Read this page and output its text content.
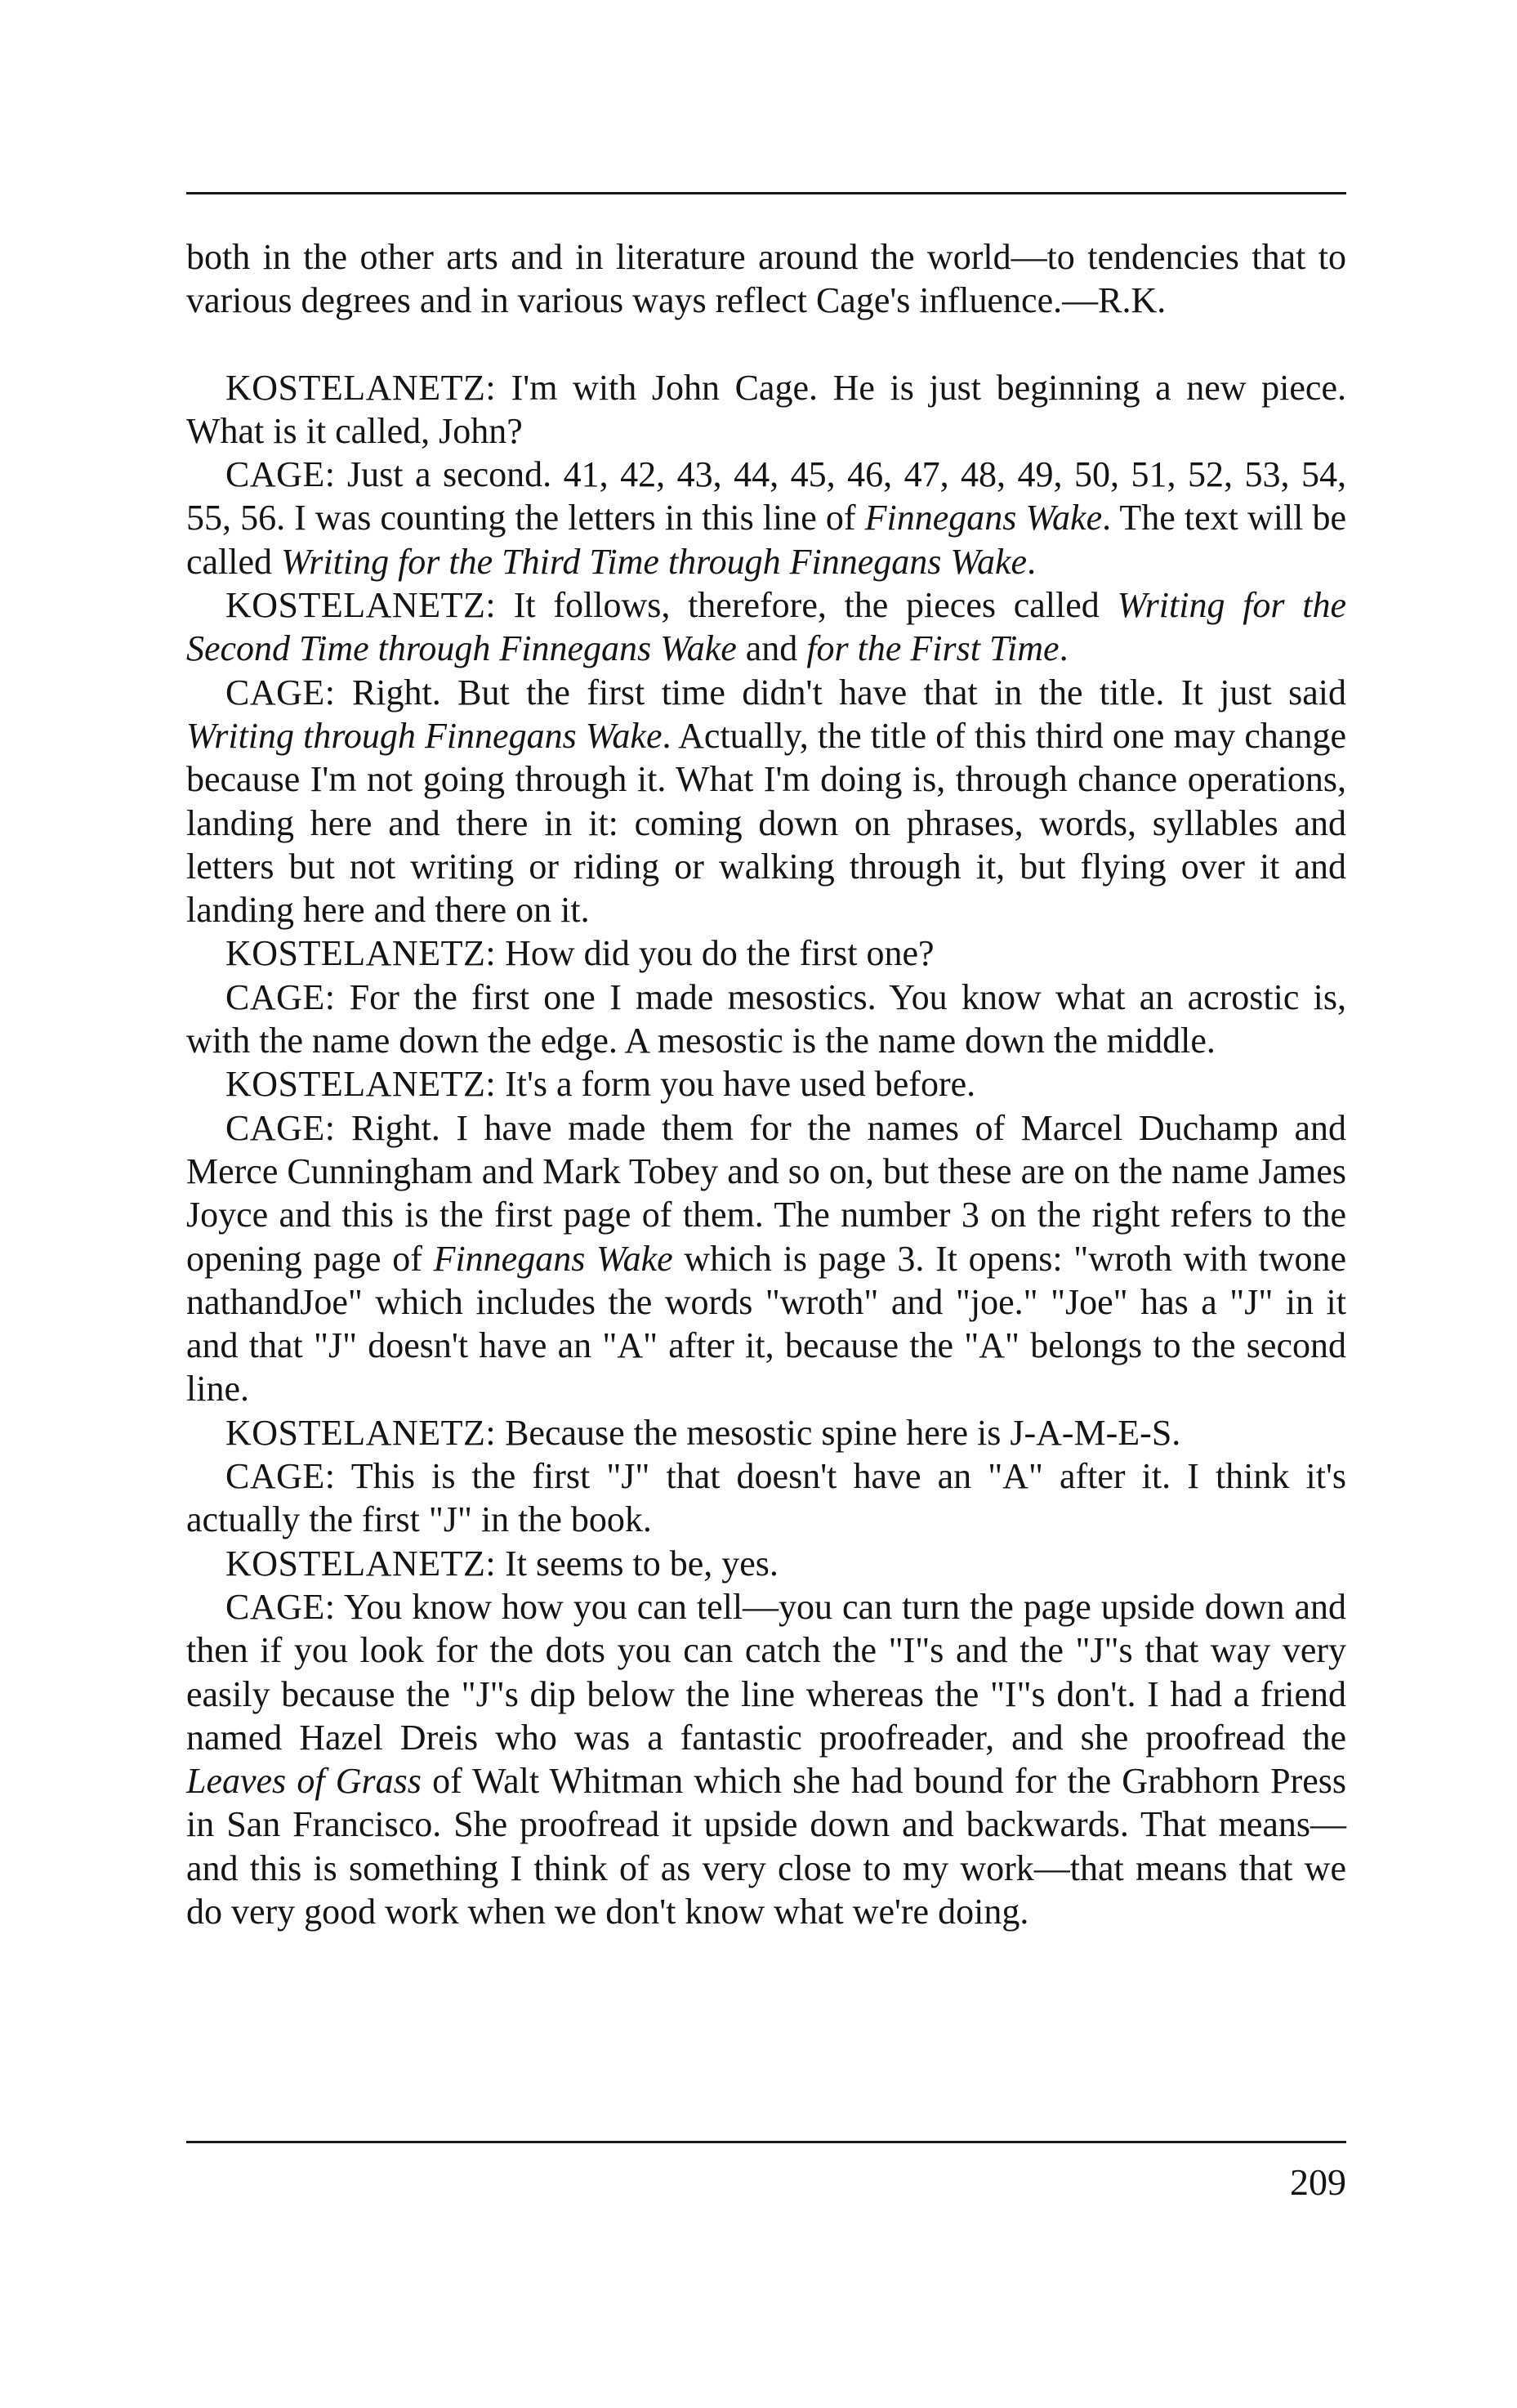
both in the other arts and in literature around the world—to tendencies that to various degrees and in various ways reflect Cage's influence.—R.K.

KOSTELANETZ: I'm with John Cage. He is just beginning a new piece. What is it called, John?

CAGE: Just a second. 41, 42, 43, 44, 45, 46, 47, 48, 49, 50, 51, 52, 53, 54, 55, 56. I was counting the letters in this line of Finnegans Wake. The text will be called Writing for the Third Time through Finnegans Wake.

KOSTELANETZ: It follows, therefore, the pieces called Writing for the Second Time through Finnegans Wake and for the First Time.

CAGE: Right. But the first time didn't have that in the title. It just said Writing through Finnegans Wake. Actually, the title of this third one may change because I'm not going through it. What I'm doing is, through chance operations, landing here and there in it: coming down on phrases, words, syllables and letters but not writing or riding or walking through it, but flying over it and landing here and there on it.

KOSTELANETZ: How did you do the first one?

CAGE: For the first one I made mesostics. You know what an acrostic is, with the name down the edge. A mesostic is the name down the middle.

KOSTELANETZ: It's a form you have used before.

CAGE: Right. I have made them for the names of Marcel Duchamp and Merce Cunningham and Mark Tobey and so on, but these are on the name James Joyce and this is the first page of them. The number 3 on the right refers to the opening page of Finnegans Wake which is page 3. It opens: "wroth with twone nathandJoe" which includes the words "wroth" and "joe." "Joe" has a "J" in it and that "J" doesn't have an "A" after it, because the "A" belongs to the second line.

KOSTELANETZ: Because the mesostic spine here is J-A-M-E-S.

CAGE: This is the first "J" that doesn't have an "A" after it. I think it's actually the first "J" in the book.

KOSTELANETZ: It seems to be, yes.

CAGE: You know how you can tell—you can turn the page upside down and then if you look for the dots you can catch the "I"s and the "J"s that way very easily because the "J"s dip below the line whereas the "I"s don't. I had a friend named Hazel Dreis who was a fantastic proofreader, and she proofread the Leaves of Grass of Walt Whitman which she had bound for the Grabhorn Press in San Francisco. She proofread it upside down and backwards. That means—and this is something I think of as very close to my work—that means that we do very good work when we don't know what we're doing.

209
